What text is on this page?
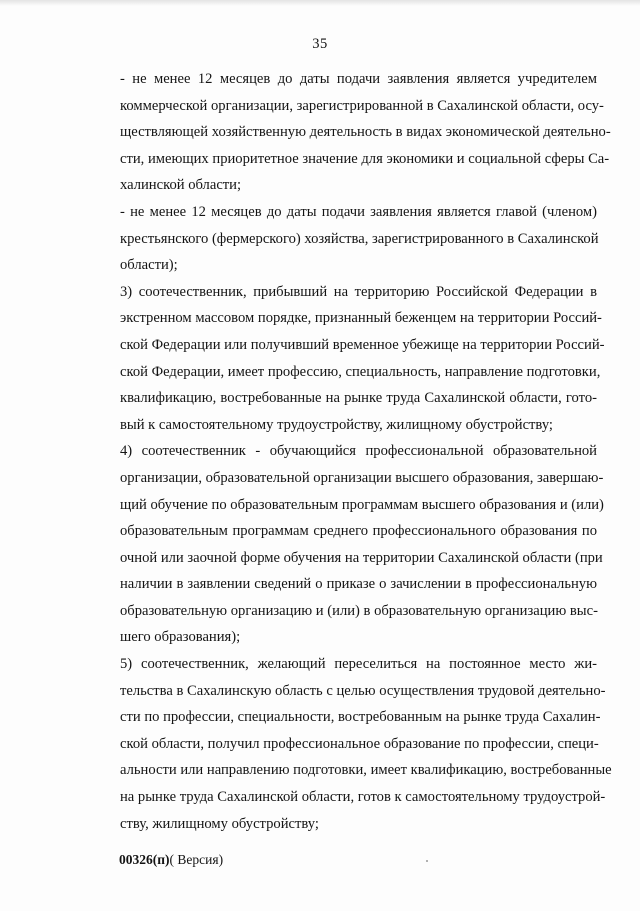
35
- не менее 12 месяцев до даты подачи заявления является учредителем
коммерческой организации, зарегистрированной в Сахалинской области, осу-
ществляющей хозяйственную деятельность в видах экономической деятельно-
сти, имеющих приоритетное значение для экономики и социальной сферы Са-
халинской области;
- не менее 12 месяцев до даты подачи заявления является главой (членом)
крестьянского (фермерского) хозяйства, зарегистрированного в Сахалинской
области);
3) соотечественник, прибывший на территорию Российской Федерации в
экстренном массовом порядке, признанный беженцем на территории Россий-
ской Федерации или получивший временное убежище на территории Россий-
ской Федерации, имеет профессию, специальность, направление подготовки,
квалификацию, востребованные на рынке труда Сахалинской области, гото-
вый к самостоятельному трудоустройству, жилищному обустройству;
4) соотечественник - обучающийся профессиональной образовательной
организации, образовательной организации высшего образования, завершаю-
щий обучение по образовательным программам высшего образования и (или)
образовательным программам среднего профессионального образования по
очной или заочной форме обучения на территории Сахалинской области (при
наличии в заявлении сведений о приказе о зачислении в профессиональную
образовательную организацию и (или) в образовательную организацию выс-
шего образования);
5) соотечественник, желающий переселиться на постоянное место жи-
тельства в Сахалинскую область с целью осуществления трудовой деятельно-
сти по профессии, специальности, востребованным на рынке труда Сахалин-
ской области, получил профессиональное образование по профессии, специ-
альности или направлению подготовки, имеет квалификацию, востребованные
на рынке труда Сахалинской области, готов к самостоятельному трудоустрой-
ству, жилищному обустройству;
00326(п)( Версия)
